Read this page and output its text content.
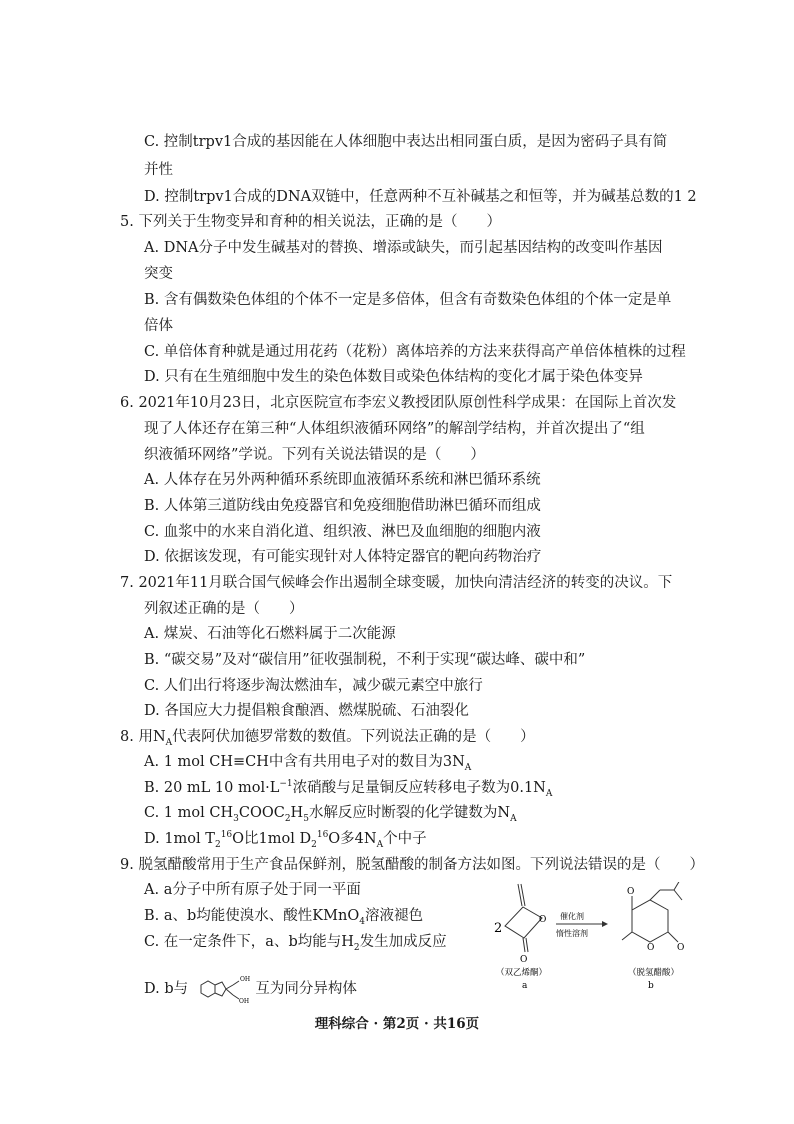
C. 控制trpv1合成的基因能在人体细胞中表达出相同蛋白质，是因为密码子具有简
并性
D. 控制trpv1合成的DNA双链中，任意两种不互补碱基之和恒等，并为碱基总数的1 2
5. 下列关于生物变异和育种的相关说法，正确的是（　　）
A. DNA分子中发生碱基对的替换、增添或缺失，而引起基因结构的改变叫作基因
突变
B. 含有偶数染色体组的个体不一定是多倍体，但含有奇数染色体组的个体一定是单
倍体
C. 单倍体育种就是通过用花药（花粉）离体培养的方法来获得高产单倍体植株的过程
D. 只有在生殖细胞中发生的染色体数目或染色体结构的变化才属于染色体变异
6. 2021年10月23日，北京医院宣布李宏义教授团队原创性科学成果：在国际上首次发
现了人体还存在第三种“人体组织液循环网络”的解剖学结构，并首次提出了“组
织液循环网络”学说。下列有关说法错误的是（　　）
A. 人体存在另外两种循环系统即血液循环系统和淋巴循环系统
B. 人体第三道防线由免疫器官和免疫细胞借助淋巴循环而组成
C. 血浆中的水来自消化道、组织液、淋巴及血细胞的细胞内液
D. 依据该发现，有可能实现针对人体特定器官的靶向药物治疗
7. 2021年11月联合国气候峰会作出遏制全球变暖，加快向清洁经济的转变的决议。下
列叙述正确的是（　　）
A. 煤炭、石油等化石燃料属于二次能源
B. “碳交易”及对“碳信用”征收强制税，不利于实现“碳达峰、碳中和”
C. 人们出行将逐步淘汰燃油车，减少碳元素空中旅行
D. 各国应大力提倡粮食酿酒、燃煤脱硫、石油裂化
8. 用$N_A$代表阿伏加德罗常数的数值。下列说法正确的是（　　）
A. 1 mol CH≡CH中含有共用电子对的数目为$3N_A$
B. 20 mL 10 $mol\cdot L^{-1}$浓硝酸与足量铜反应转移电子数为$0.1N_A$
C. 1 mol $CH_3COOC_2H_5$水解反应时断裂的化学键数为$N_A$
D. 1mol $T_2^{16}O$比1mol $D_2^{16}O$多$4N_A$个中子
9. 脱氢醋酸常用于生产食品保鲜剂，脱氢醋酸的制备方法如图。下列说法错误的是（　　）
A. a分子中所有原子处于同一平面
B. a、b均能使溴水、酸性KMnO$_4$溶液褪色
C. 在一定条件下，a、b均能与$H_2$发生加成反应
D. b与
OH
OH
互为同分异构体
2
O
O
（双乙烯酮）
a
催化剂
惰性溶剂
O
O
O
（脱氢醋酸）
b
理科综合 · 第2页 · 共16页
